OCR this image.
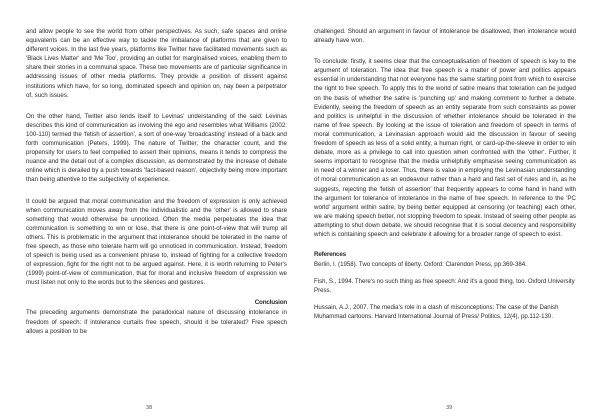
and allow people to see the world from other perspectives. As such, safe spaces and online equivalents can be an effective way to tackle the imbalance of platforms that are given to different voices. In the last five years, platforms like Twitter have facilitated movements such as 'Black Lives Matter' and 'Me Too', providing an outlet for marginalised voices, enabling them to share their stories in a communal space. These two movements are of particular significance in addressing issues of other media platforms. They provide a position of dissent against institutions which have, for so long, dominated speech and opinion on, nay been a perpetrator of, such issues.

On the other hand, Twitter also lends itself to Levinas' understanding of the said: Levinas describes this kind of communication as involving the ego and resembles what Williams (2002: 100-110) termed the 'fetish of assertion', a sort of one-way 'broadcasting' instead of a back and forth communication (Peters, 1999). The nature of Twitter, the character count, and the propensity for users to feel compelled to assert their opinions, means it tends to compress the nuance and the detail out of a complex discussion, as demonstrated by the increase of debate online which is derailed by a push towards 'fact-based reason', objectivity being more important than being attentive to the subjectivity of experience.

It could be argued that moral communication and the freedom of expression is only achieved when communication moves away from the individualistic and the 'other' is allowed to share something that would otherwise be unnoticed. Often the media perpetuates the idea that communication is something to win or lose, that there is one point-of-view that will trump all others. This is problematic in the argument that intolerance should be tolerated in the name of free speech, as those who tolerate harm will go unnoticed in communication. Instead, freedom of speech is being used as a convenient phrase to, instead of fighting for a collective freedom of expression, fight for the right not to be argued against. Here, it is worth returning to Peter's (1999) point-of-view of communication, that for moral and inclusive freedom of expression we must listen not only to the words but to the silences and gestures.

Conclusion

The preceding arguments demonstrate the paradoxical nature of discussing intolerance in freedom of speech: if intolerance curtails free speech, should it be tolerated? Free speech allows a position to be

38

challenged. Should an argument in favour of intolerance be disallowed, then intolerance would already have won.

To conclude: firstly, it seems clear that the conceptualisation of freedom of speech is key to the argument of toleration. The idea that free speech is a matter of power and politics appears essential in understanding that not everyone has the same starting point from which to exercise the right to free speech. To apply this to the world of satire means that toleration can be judged on the basis of whether the satire is 'punching up' and making comment to further a debate. Evidently, seeing the freedom of speech as an entity separate from such constraints as power and politics is unhelpful in the discussion of whether intolerance should be tolerated in the name of free speech. By looking at the issue of toleration and freedom of speech in terms of moral communication, a Levinasian approach would aid the discussion in favour of seeing freedom of speech as less of a solid entity, a human right, or card-up-the-sleeve in order to win debate, more as a privilege to call into question when confronted with the 'other'. Further, it seems important to recognise that the media unhelpfully emphasise seeing communication as in need of a winner and a loser. Thus, there is value in employing the Levinasian understanding of moral communication as an endeavour rather than a hard and fast set of rules and in, as he suggests, rejecting the 'fetish of assertion' that frequently appears to come hand in hand with the argument for tolerance of intolerance in the name of free speech. In reference to the 'PC world' argument within satire, by being better equipped at censoring (or teaching) each other, we are making speech better, not stopping freedom to speak. Instead of seeing other people as attempting to shut down debate, we should recognise that it is social decency and responsibility which is containing speech and celebrate it allowing for a broader range of speech to exist.

References
Berlin, I. (1958). Two concepts of liberty. Oxford: Clarendon Press, pp.369-384.
Fish, S., 1994. There's no such thing as free speech: And it's a good thing, too. Oxford University Press.
Hussain, A.J., 2007. The media's role in a clash of misconceptions: The case of the Danish Muhammad cartoons. Harvard International Journal of Press/ Politics, 12(4), pp.112-130.
39
